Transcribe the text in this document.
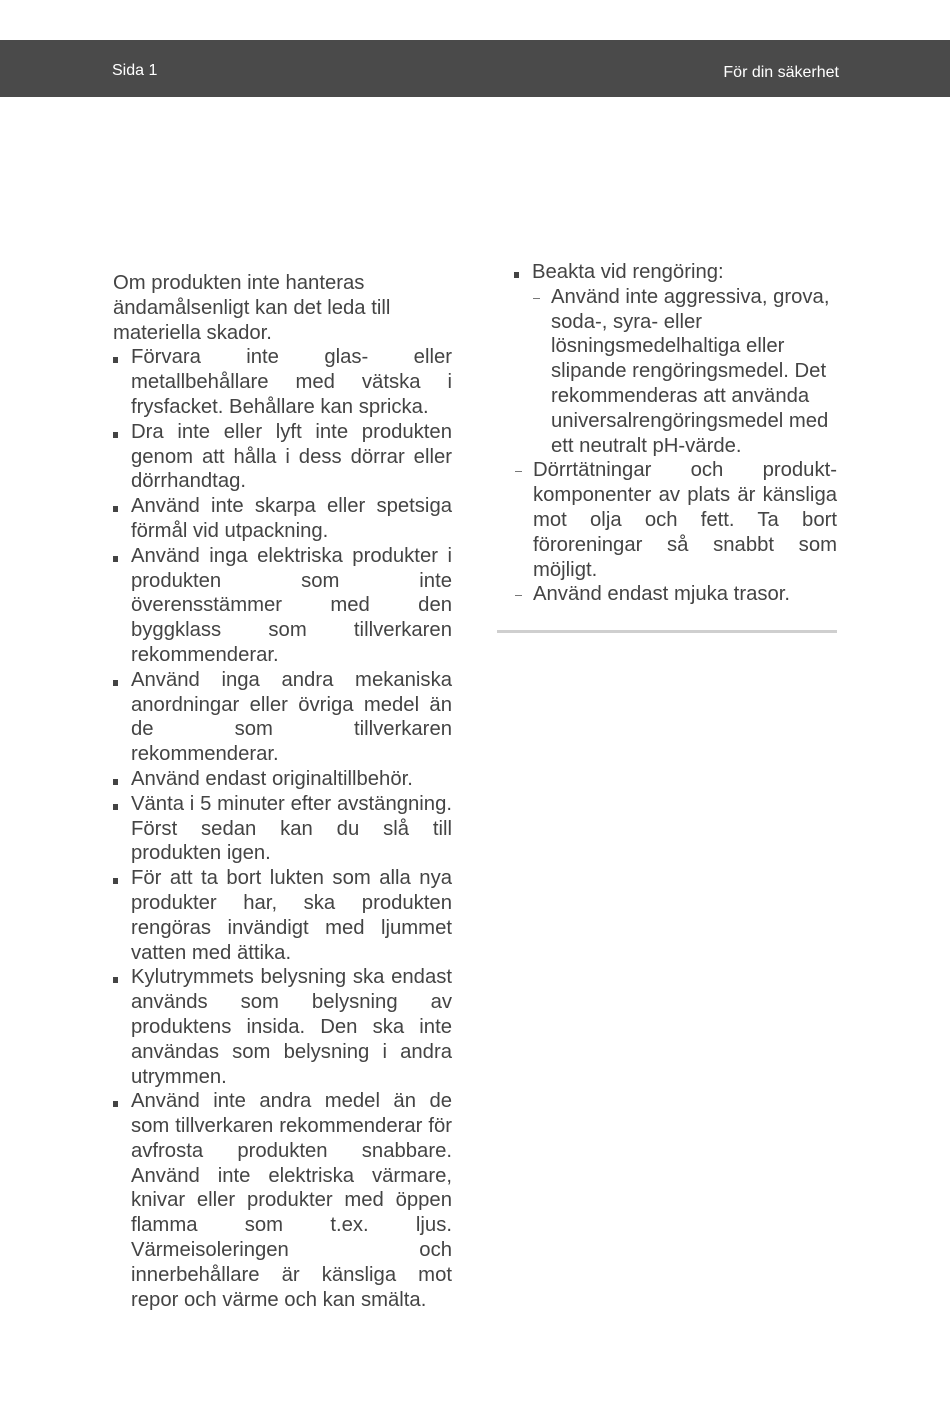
Sida 1	För din säkerhet

Om produkten inte hanteras ändamålsenligt kan det leda till materiella skador.

Förvara inte glas- eller metallbehållare med vätska i frysfacket. Behållare kan spricka.
Dra inte eller lyft inte produkten genom att hålla i dess dörrar eller dörrhandtag.
Använd inte skarpa eller spetsiga förmål vid utpackning.
Använd inga elektriska produkter i produkten som inte överensstämmer med den byggklass som tillverkaren rekommenderar.
Använd inga andra mekaniska anordningar eller övriga medel än de som tillverkaren rekommenderar.
Använd endast originaltillbehör.
Vänta i 5 minuter efter avstängning. Först sedan kan du slå till produkten igen.
För att ta bort lukten som alla nya produkter har, ska produkten rengöras invändigt med ljummet vatten med ättika.
Kylutrymmets belysning ska endast används som belysning av produktens insida. Den ska inte användas som belysning i andra utrymmen.
Använd inte andra medel än de som tillverkaren rekommenderar för avfrosta produkten snabbare. Använd inte elektriska värmare, knivar eller produkter med öppen flamma som t.ex. ljus. Värmeisoleringen och innerbehållare är känsliga mot repor och värme och kan smälta.
Beakta vid rengöring:
Använd inte aggressiva, grova, soda-, syra- eller lösningsmedelhaltiga eller slipande rengöringsmedel. Det rekommenderas att använda universalrengöringsmedel med ett neutralt pH-värde.
Dörrtätningar och produkt-komponenter av plats är känsliga mot olja och fett. Ta bort föroreningar så snabbt som möjligt.
Använd endast mjuka trasor.
